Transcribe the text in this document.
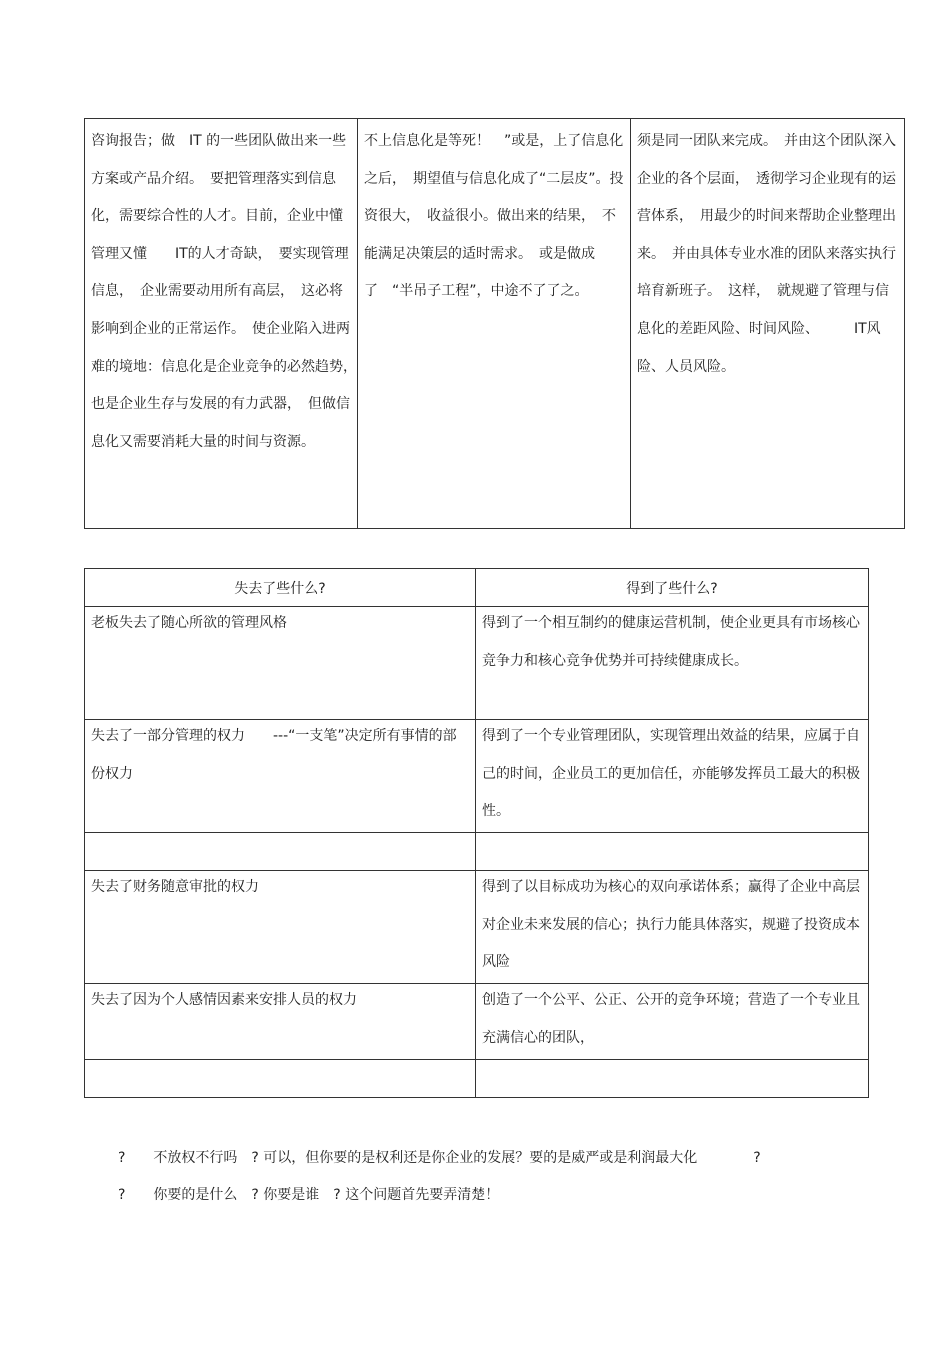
咨询报告；做　IT 的一些团队做出来一些方案或产品介绍。　要把管理落实到信息化，需要综合性的人才。目前，企业中懂管理又懂　　IT的人才奇缺，　要实现管理信息，　企业需要动用所有高层，　这必将影响到企业的正常运作。　使企业陷入进两难的境地：信息化是企业竞争的必然趋势，　也是企业生存与发展的有力武器，　但做信息化又需要消耗大量的时间与资源。	不上信息化是等死！　”或是，上了信息化之后，　期望值与信息化成了“二层皮”。投资很大，　收益很小。做出来的结果，　不能满足决策层的适时需求。　或是做成了　“半吊子工程”，中途不了了之。	须是同一团队来完成。　并由这个团队深入企业的各个层面，　透彻学习企业现有的运营体系，　用最少的时间来帮助企业整理出来。　并由具体专业水准的团队来落实执行培育新班子。　这样，　就规避了管理与信息化的差距风险、时间风险、　　　IT风险、人员风险。
失去了些什么?	得到了些什么?

老板失去了随心所欲的管理风格	得到了一个相互制约的健康运营机制，使企业更具有市场核心竞争力和核心竞争优势并可持续健康成长。

失去了一部分管理的权力　　---“一支笔”决定所有事情的部份权力	得到了一个专业管理团队，实现管理出效益的结果，应属于自己的时间，企业员工的更加信任，亦能够发挥员工最大的积极性。

失去了财务随意审批的权力	得到了以目标成功为核心的双向承诺体系；赢得了企业中高层对企业未来发展的信心；执行力能具体落实，规避了投资成本风险

失去了因为个人感情因素来安排人员的权力	创造了一个公平、公正、公开的竞争环境；营造了一个专业且充满信心的团队，

?　　不放权不行吗　? 可以，但你要的是权利还是你企业的发展？要的是威严或是利润最大化　　　　?
?　　你要的是什么　? 你要是谁　? 这个问题首先要弄清楚！
